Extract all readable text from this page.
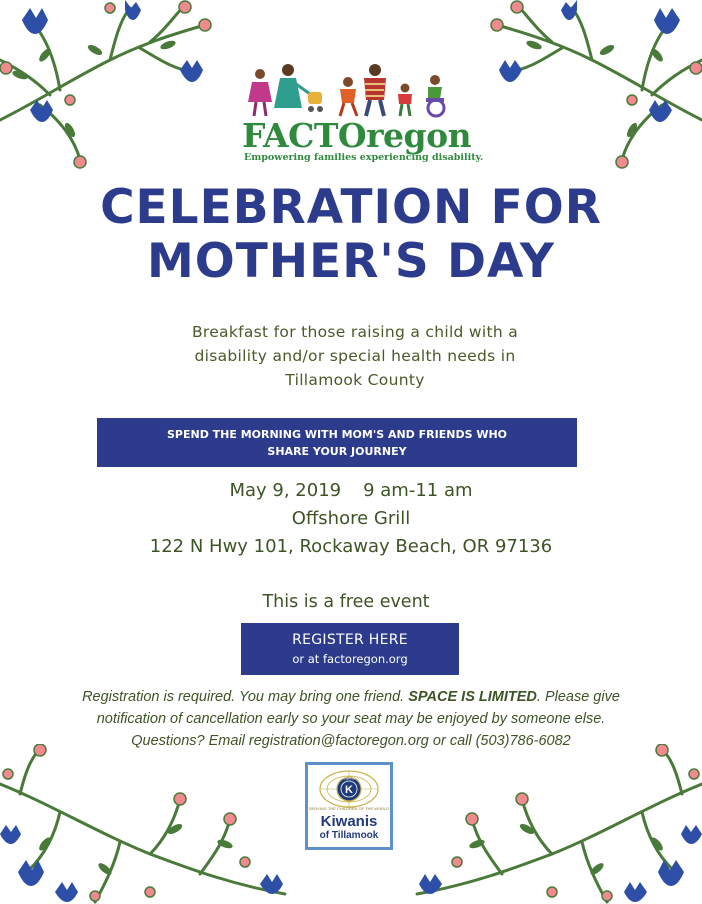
FACTOregon
Empowering families experiencing disability.
CELEBRATION FOR
MOTHER'S DAY
Breakfast for those raising a child with a
disability and/or special health needs in
Tillamook County
SPEND THE MORNING WITH MOM'S AND FRIENDS WHO
SHARE YOUR JOURNEY
May 9, 2019 9 am-11 am
Offshore Grill
122 N Hwy 101, Rockaway Beach, OR 97136
This is a free event
REGISTER HERE
or at factoregon.org
Registration is required. You may bring one friend. SPACE IS LIMITED. Please give
notification of cancellation early so your seat may be enjoyed by someone else.
Questions? Email registration@factoregon.org or call (503)786-6082
K
KIWANIS
SERVING THE CHILDREN OF THE WORLD
Kiwanis
of Tillamook
